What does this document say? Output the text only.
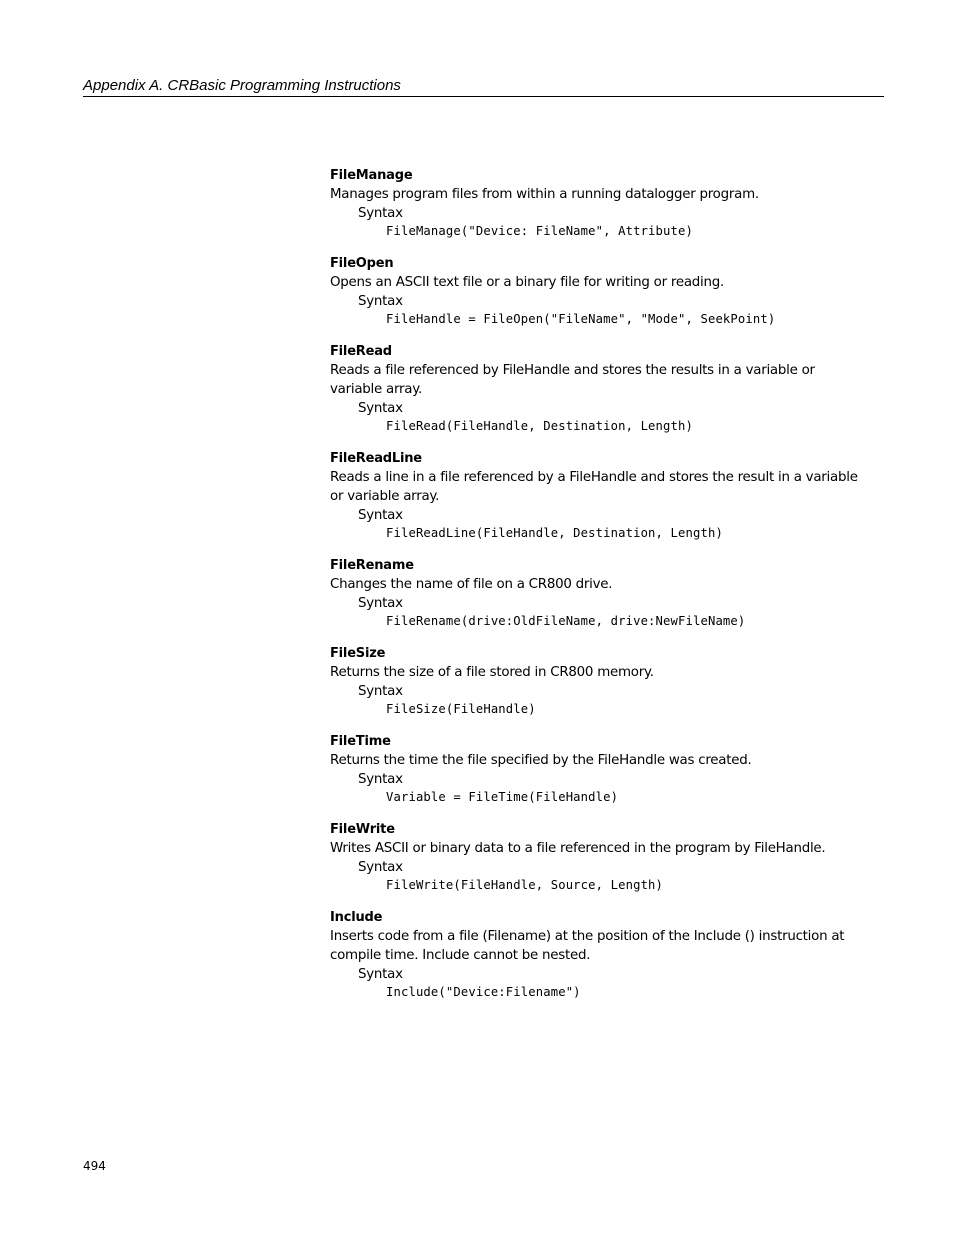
Appendix A. CRBasic Programming Instructions
FileManage
Manages program files from within a running datalogger program.
Syntax
FileManage("Device: FileName", Attribute)
FileOpen
Opens an ASCII text file or a binary file for writing or reading.
Syntax
FileHandle = FileOpen("FileName", "Mode", SeekPoint)
FileRead
Reads a file referenced by FileHandle and stores the results in a variable or variable array.
Syntax
FileRead(FileHandle, Destination, Length)
FileReadLine
Reads a line in a file referenced by a FileHandle and stores the result in a variable or variable array.
Syntax
FileReadLine(FileHandle, Destination, Length)
FileRename
Changes the name of file on a CR800 drive.
Syntax
FileRename(drive:OldFileName, drive:NewFileName)
FileSize
Returns the size of a file stored in CR800 memory.
Syntax
FileSize(FileHandle)
FileTime
Returns the time the file specified by the FileHandle was created.
Syntax
Variable = FileTime(FileHandle)
FileWrite
Writes ASCII or binary data to a file referenced in the program by FileHandle.
Syntax
FileWrite(FileHandle, Source, Length)
Include
Inserts code from a file (Filename) at the position of the Include () instruction at compile time. Include cannot be nested.
Syntax
Include("Device:Filename")
494
